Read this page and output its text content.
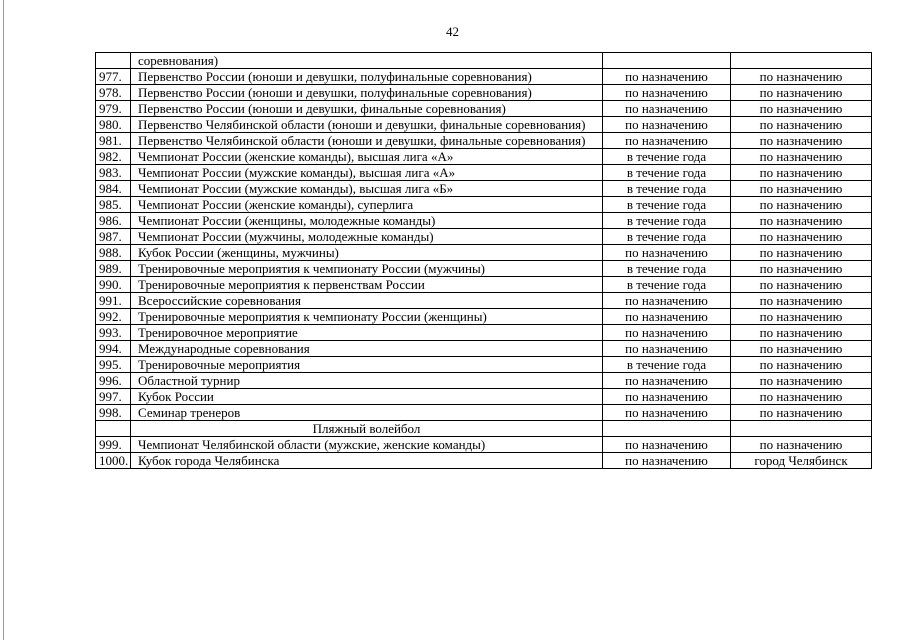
42
	соревнования)		
977.	Первенство России (юноши и девушки, полуфинальные соревнования)	по назначению	по назначению
978.	Первенство России (юноши и девушки, полуфинальные соревнования)	по назначению	по назначению
979.	Первенство России (юноши и девушки, финальные соревнования)	по назначению	по назначению
980.	Первенство Челябинской области (юноши и девушки, финальные соревнования)	по назначению	по назначению
981.	Первенство Челябинской области (юноши и девушки, финальные соревнования)	по назначению	по назначению
982.	Чемпионат России (женские команды), высшая лига «А»	в течение года	по назначению
983.	Чемпионат России (мужские команды), высшая лига «А»	в течение года	по назначению
984.	Чемпионат России (мужские команды), высшая лига «Б»	в течение года	по назначению
985.	Чемпионат России (женские команды), суперлига	в течение года	по назначению
986.	Чемпионат России (женщины, молодежные команды)	в течение года	по назначению
987.	Чемпионат России (мужчины, молодежные команды)	в течение года	по назначению
988.	Кубок России (женщины, мужчины)	по назначению	по назначению
989.	Тренировочные мероприятия к чемпионату России (мужчины)	в течение года	по назначению
990.	Тренировочные мероприятия к первенствам России	в течение года	по назначению
991.	Всероссийские соревнования	по назначению	по назначению
992.	Тренировочные мероприятия к чемпионату России (женщины)	по назначению	по назначению
993.	Тренировочное мероприятие	по назначению	по назначению
994.	Международные соревнования	по назначению	по назначению
995.	Тренировочные мероприятия	в течение года	по назначению
996.	Областной турнир	по назначению	по назначению
997.	Кубок России	по назначению	по назначению
998.	Семинар тренеров	по назначению	по назначению
	Пляжный волейбол		
999.	Чемпионат Челябинской области (мужские, женские команды)	по назначению	по назначению
1000.	Кубок города Челябинска	по назначению	город Челябинск
